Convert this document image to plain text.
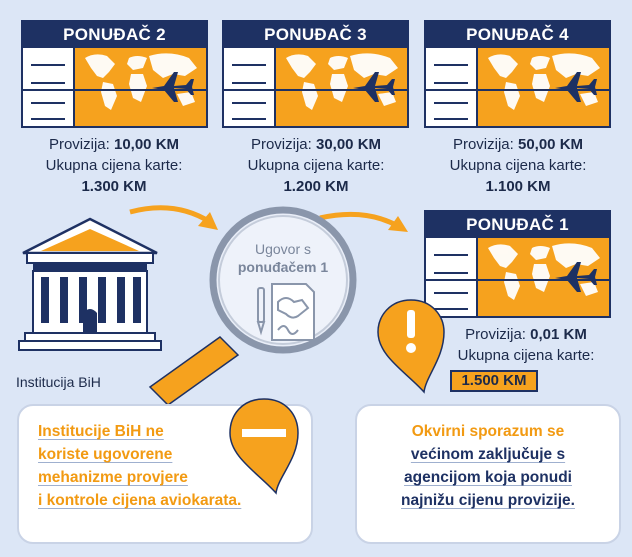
PONUĐAČ 2	PONUĐAČ 3	PONUĐAČ 4
PONUĐAČ 1
Provizija: 10,00 KM
Ukupna cijena karte:
1.300 KM
Provizija: 30,00 KM
Ukupna cijena karte:
1.200 KM
Provizija: 50,00 KM
Ukupna cijena karte:
1.100 KM
Provizija: 0,01 KM
Ukupna cijena karte:
1.500 KM
Institucija BiH
Ugovor s
ponuđačem 1
Institucije BiH ne
koriste ugovorene
mehanizme provjere
i kontrole cijena aviokarata.
Okvirni sporazum se
većinom zaključuje s
agencijom koja ponudi
najnižu cijenu provizije.
